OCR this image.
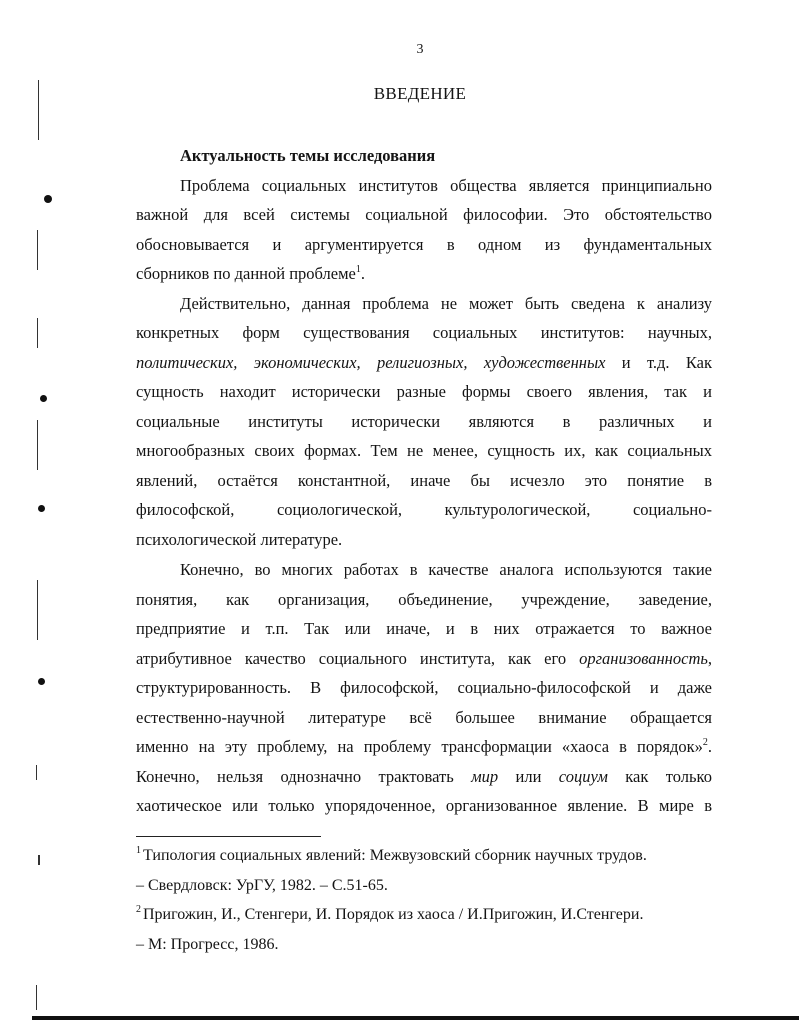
3
ВВЕДЕНИЕ
Актуальность темы исследования
Проблема социальных институтов общества является принципиально
важной для всей системы социальной философии. Это обстоятельство
обосновывается и аргументируется в одном из фундаментальных
сборников по данной проблеме$^1$.
Действительно, данная проблема не может быть сведена к анализу
конкретных форм существования социальных институтов: научных,
политических, экономических, религиозных, художественных и т.д. Как
сущность находит исторически разные формы своего явления, так и
социальные институты исторически являются в различных и
многообразных своих формах. Тем не менее, сущность их, как социальных
явлений, остаётся константной, иначе бы исчезло это понятие в
философской, социологической, культурологической, социально-
психологической литературе.
Конечно, во многих работах в качестве аналога используются такие
понятия, как организация, объединение, учреждение, заведение,
предприятие и т.п. Так или иначе, и в них отражается то важное
атрибутивное качество социального института, как его организованность,
структурированность. В философской, социально-философской и даже
естественно-научной литературе всё большее внимание обращается
именно на эту проблему, на проблему трансформации «хаоса в порядок»$^2$.
Конечно, нельзя однозначно трактовать мир или социум как только
хаотическое или только упорядоченное, организованное явление. В мире в
$^1$ Типология социальных явлений: Межвузовский сборник научных трудов.
– Свердловск: УрГУ, 1982. – С.51-65.
$^2$ Пригожин, И., Стенгери, И. Порядок из хаоса / И.Пригожин, И.Стенгери.
– М: Прогресс, 1986.
